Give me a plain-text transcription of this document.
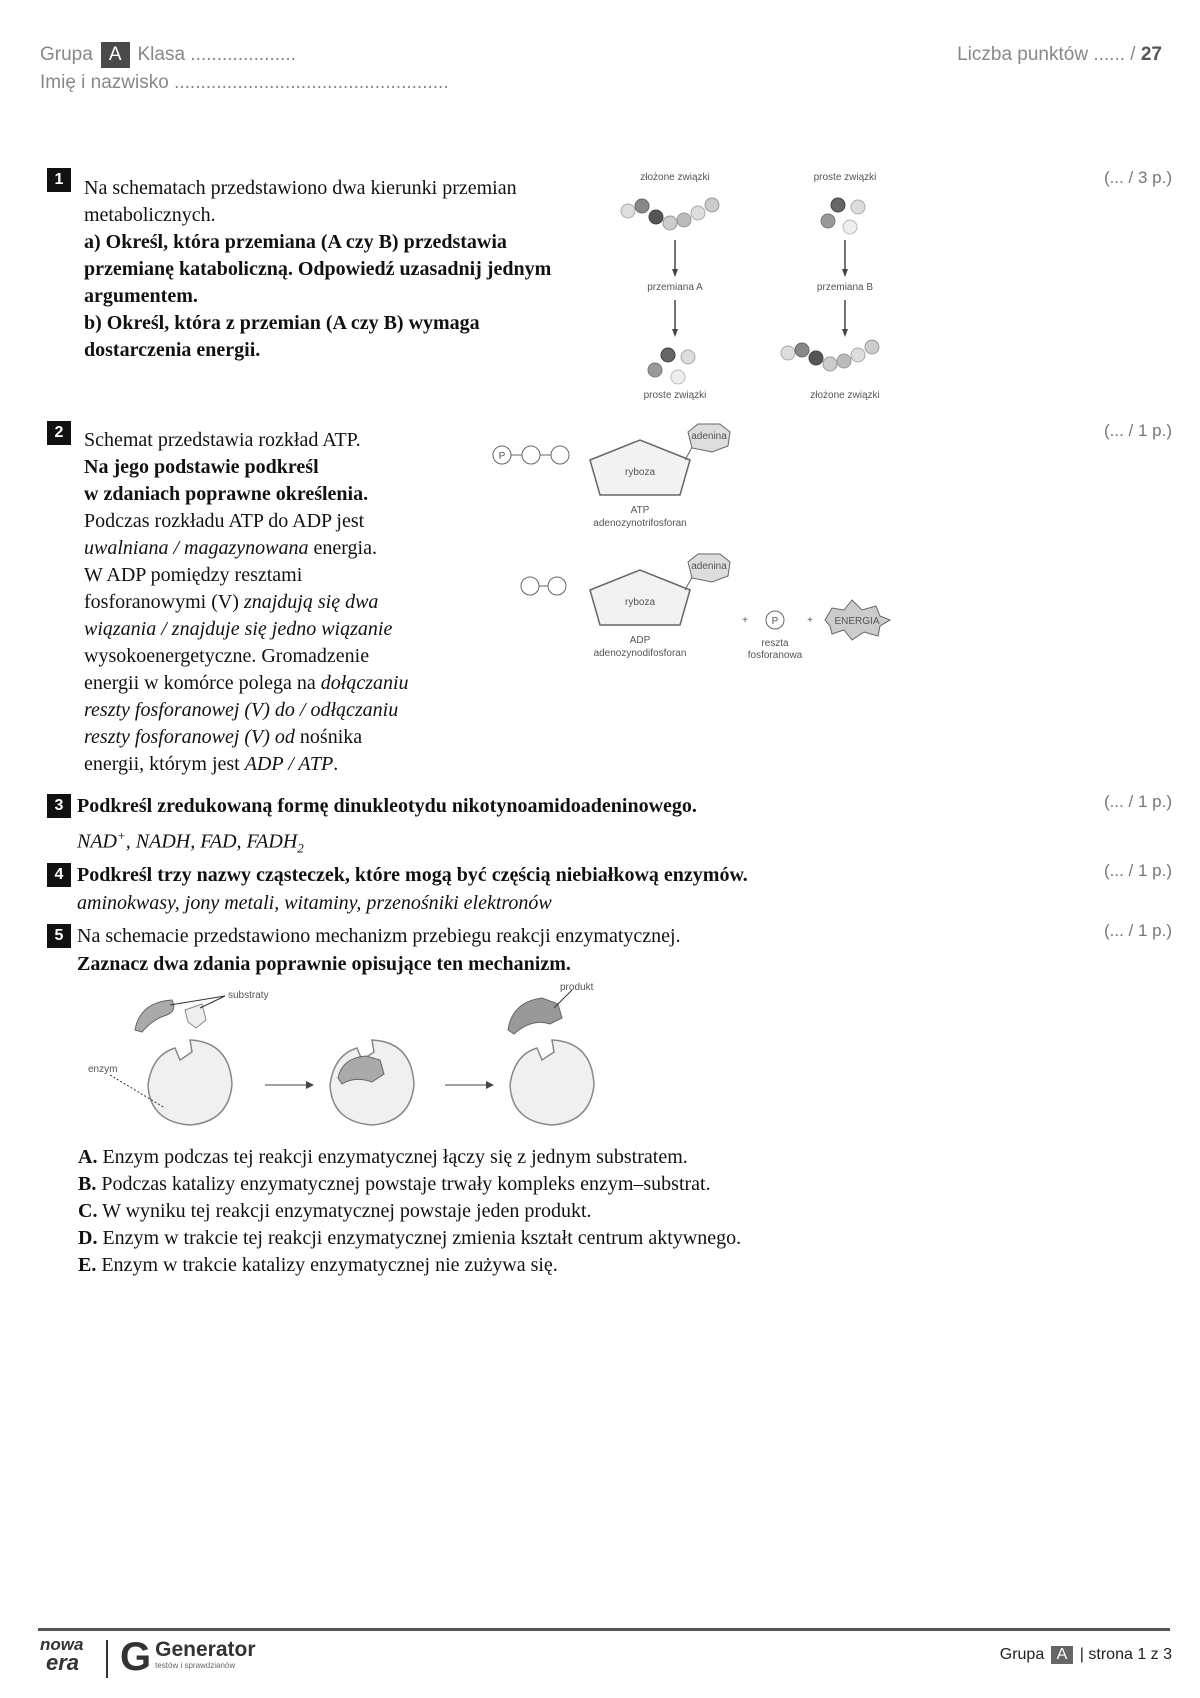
Grupa A Klasa ....................
Imię i nazwisko ....................................................
Liczba punktów ...... / 27
1	(... / 3 p.)
Na schematach przedstawiono dwa kierunki przemian metabolicznych.
a) Określ, która przemiana (A czy B) przedstawia przemianę kataboliczną. Odpowiedź uzasadnij jednym argumentem.
b) Określ, która z przemian (A czy B) wymaga dostarczenia energii.
złożone związki	proste związki
przemiana A	przemiana B
proste związki	złożone związki
2	(... / 1 p.)
Schemat przedstawia rozkład ATP.
Na jego podstawie podkreśl
w zdaniach poprawne określenia.
Podczas rozkładu ATP do ADP jest
uwalniana / magazynowana energia.
W ADP pomiędzy resztami
fosforanowymi (V) znajdują się dwa
wiązania / znajduje się jedno wiązanie
wysokoenergetyczne. Gromadzenie
energii w komórce polega na dołączaniu
reszty fosforanowej (V) do / odłączaniu
reszty fosforanowej (V) od nośnika
energii, którym jest ADP / ATP.
P
ryboza
adenina
ATP
adenozynotrifosforan
ryboza
adenina
ADP
adenozynodifosforan
+ P
reszta
fosforanowa
+ ENERGIA
3	(... / 1 p.)
Podkreśl zredukowaną formę dinukleotydu nikotynoamidoadeninowego.
NAD+, NADH, FAD, $FADH_2$
4	(... / 1 p.)
Podkreśl trzy nazwy cząsteczek, które mogą być częścią niebiałkową enzymów.
aminokwasy, jony metali, witaminy, przenośniki elektronów
5	(... / 1 p.)
Na schemacie przedstawiono mechanizm przebiegu reakcji enzymatycznej.
Zaznacz dwa zdania poprawnie opisujące ten mechanizm.
substraty
enzym
produkt
A. Enzym podczas tej reakcji enzymatycznej łączy się z jednym substratem.
B. Podczas katalizy enzymatycznej powstaje trwały kompleks enzym–substrat.
C. W wyniku tej reakcji enzymatycznej powstaje jeden produkt.
D. Enzym w trakcie tej reakcji enzymatycznej zmienia kształt centrum aktywnego.
E. Enzym w trakcie katalizy enzymatycznej nie zużywa się.
nowa
era G Generator
testów i sprawdzianów
Grupa A | strona 1 z 3
